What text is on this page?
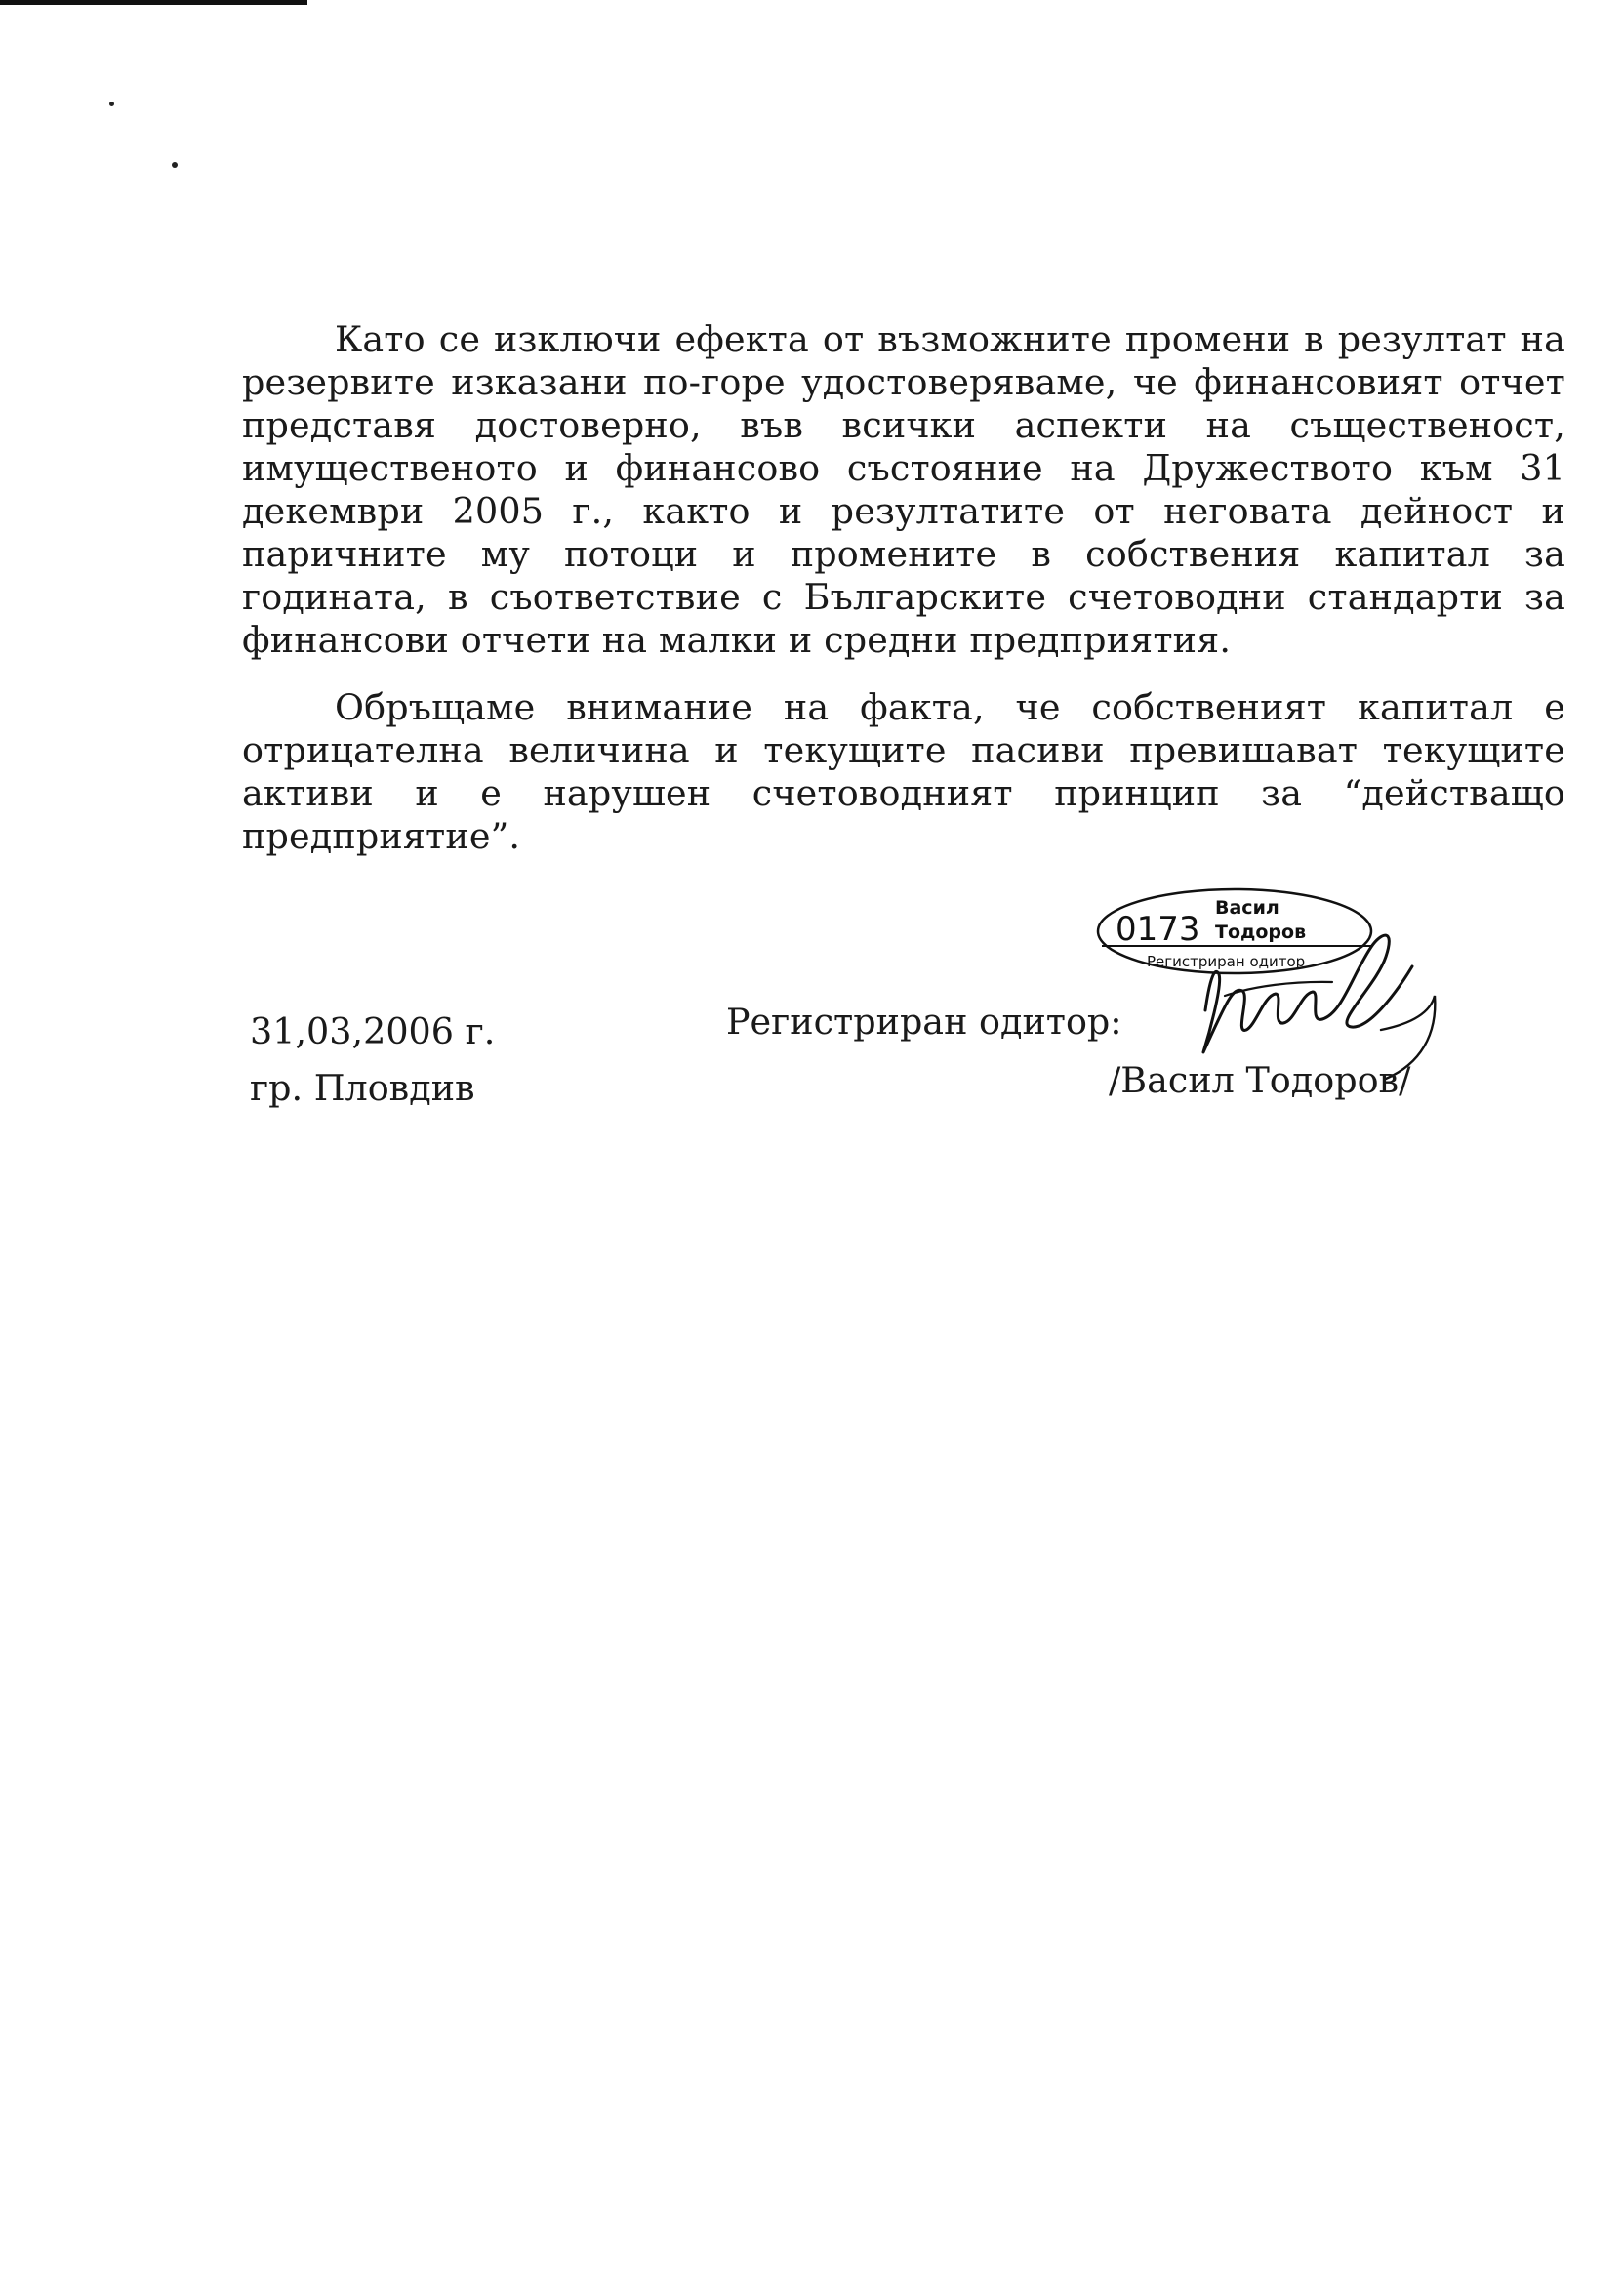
Като се изключи ефекта от възможните промени в резултат на резервите изказани по-горе удостоверяваме, че финансовият отчет представя достоверно, във всички аспекти на същественост, имущественото и финансово състояние на Дружеството към 31 декември 2005 г., както и резултатите от неговата дейност и паричните му потоци и промените в собствения капитал за годината, в съответствие с Българските счетоводни стандарти за финансови отчети на малки и средни предприятия.

Обръщаме внимание на факта, че собственият капитал е отрицателна величина и текущите пасиви превишават текущите активи и е нарушен счетоводният принцип за “действащо предприятие”.

0173
Васил
Тодоров
Регистриран одитор
31,03,2006 г.
гр. Пловдив
Регистриран одитор:
/Васил Тодоров/
